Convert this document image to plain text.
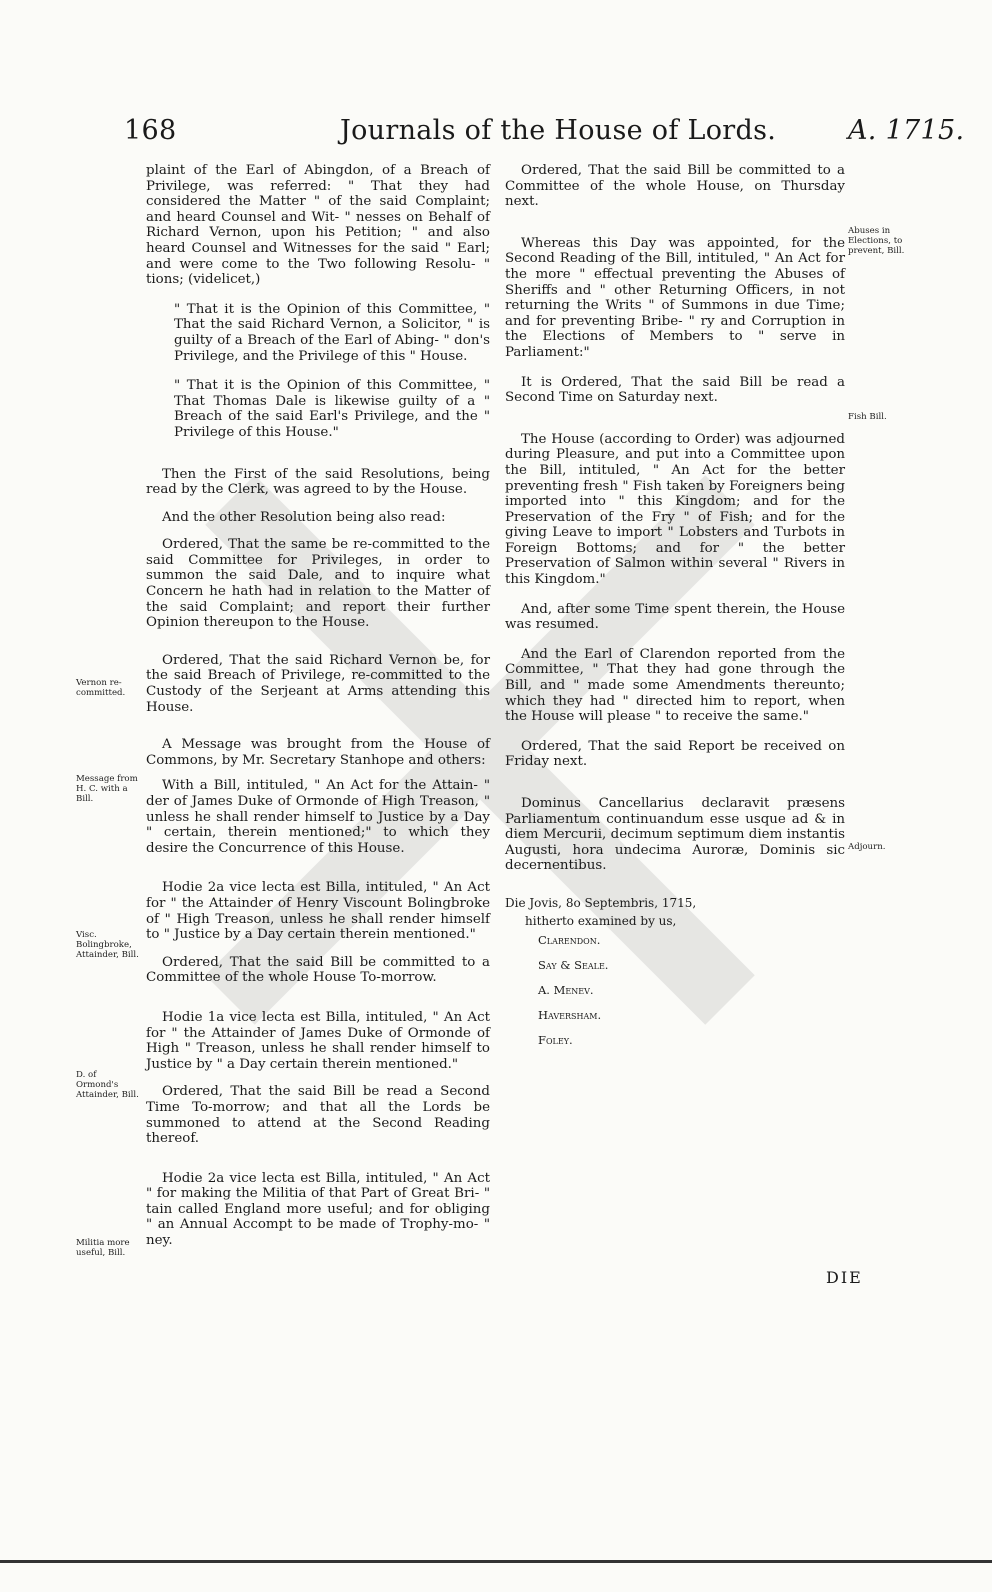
168	Journals of the House of Lords.	A. 1715.

plaint of the Earl of Abingdon, of a Breach of Privilege, was referred: " That they had considered the Matter " of the said Complaint; and heard Counsel and Wit- " nesses on Behalf of Richard Vernon, upon his Petition; " and also heard Counsel and Witnesses for the said " Earl; and were come to the Two following Resolu- " tions; (videlicet,)

" That it is the Opinion of this Committee, " That the said Richard Vernon, a Solicitor, " is guilty of a Breach of the Earl of Abing- " don's Privilege, and the Privilege of this " House.

" That it is the Opinion of this Committee, " That Thomas Dale is likewise guilty of a " Breach of the said Earl's Privilege, and the " Privilege of this House."

Then the First of the said Resolutions, being read by the Clerk, was agreed to by the House.

And the other Resolution being also read:

Ordered, That the same be re-committed to the said Committee for Privileges, in order to summon the said Dale, and to inquire what Concern he hath had in relation to the Matter of the said Complaint; and report their further Opinion thereupon to the House.

Ordered, That the said Richard Vernon be, for the said Breach of Privilege, re-committed to the Custody of the Serjeant at Arms attending this House.

A Message was brought from the House of Commons, by Mr. Secretary Stanhope and others:

With a Bill, intituled, " An Act for the Attain- " der of James Duke of Ormonde of High Treason, " unless he shall render himself to Justice by a Day " certain, therein mentioned;" to which they desire the Concurrence of this House.

Hodie 2a vice lecta est Billa, intituled, " An Act for " the Attainder of Henry Viscount Bolingbroke of " High Treason, unless he shall render himself to " Justice by a Day certain therein mentioned."

Ordered, That the said Bill be committed to a Committee of the whole House To-morrow.

Hodie 1a vice lecta est Billa, intituled, " An Act for " the Attainder of James Duke of Ormonde of High " Treason, unless he shall render himself to Justice by " a Day certain therein mentioned."

Ordered, That the said Bill be read a Second Time To-morrow; and that all the Lords be summoned to attend at the Second Reading thereof.

Hodie 2a vice lecta est Billa, intituled, " An Act " for making the Militia of that Part of Great Bri- " tain called England more useful; and for obliging " an Annual Accompt to be made of Trophy-mo- " ney.

Vernon re-committed.
Message from H. C. with a Bill.
Visc. Bolingbroke, Attainder, Bill.
D. of Ormond's Attainder, Bill.
Militia more useful, Bill.

Ordered, That the said Bill be committed to a Committee of the whole House, on Thursday next.

Whereas this Day was appointed, for the Second Reading of the Bill, intituled, " An Act for the more " effectual preventing the Abuses of Sheriffs and " other Returning Officers, in not returning the Writs " of Summons in due Time; and for preventing Bribe- " ry and Corruption in the Elections of Members to " serve in Parliament:"

It is Ordered, That the said Bill be read a Second Time on Saturday next.

The House (according to Order) was adjourned during Pleasure, and put into a Committee upon the Bill, intituled, " An Act for the better preventing fresh " Fish taken by Foreigners being imported into " this Kingdom; and for the Preservation of the Fry " of Fish; and for the giving Leave to import " Lobsters and Turbots in Foreign Bottoms; and for " the better Preservation of Salmon within several " Rivers in this Kingdom."

And, after some Time spent therein, the House was resumed.

And the Earl of Clarendon reported from the Committee, " That they had gone through the Bill, and " made some Amendments thereunto; which they had " directed him to report, when the House will please " to receive the same."

Ordered, That the said Report be received on Friday next.

Dominus Cancellarius declaravit præsens Parliamentum continuandum esse usque ad & in diem Mercurii, decimum septimum diem instantis Augusti, hora undecima Auroræ, Dominis sic decernentibus.

Die Jovis, 8o Septembris, 1715,

hitherto examined by us,

Abuses in Elections, to prevent, Bill.
Fish Bill.
Adjourn.
Clarendon.
Say & Seale.
A. Menev.
Haversham.
Foley.
DIE
